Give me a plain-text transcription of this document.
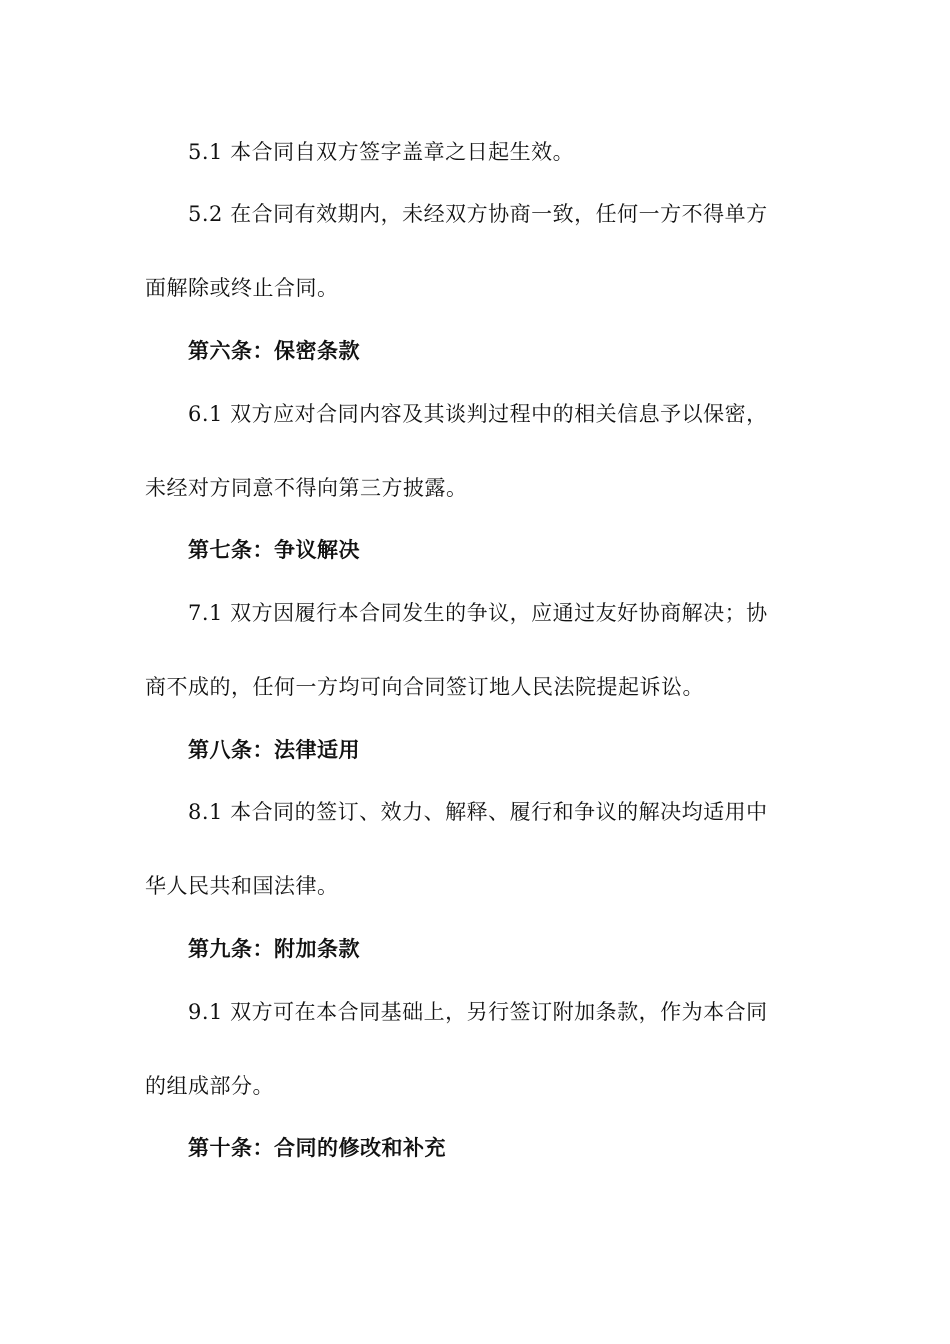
5.1 本合同自双方签字盖章之日起生效。
5.2 在合同有效期内，未经双方协商一致，任何一方不得单方
面解除或终止合同。
第六条：保密条款
6.1 双方应对合同内容及其谈判过程中的相关信息予以保密，
未经对方同意不得向第三方披露。
第七条：争议解决
7.1 双方因履行本合同发生的争议，应通过友好协商解决；协
商不成的，任何一方均可向合同签订地人民法院提起诉讼。
第八条：法律适用
8.1 本合同的签订、效力、解释、履行和争议的解决均适用中
华人民共和国法律。
第九条：附加条款
9.1 双方可在本合同基础上，另行签订附加条款，作为本合同
的组成部分。
第十条：合同的修改和补充
